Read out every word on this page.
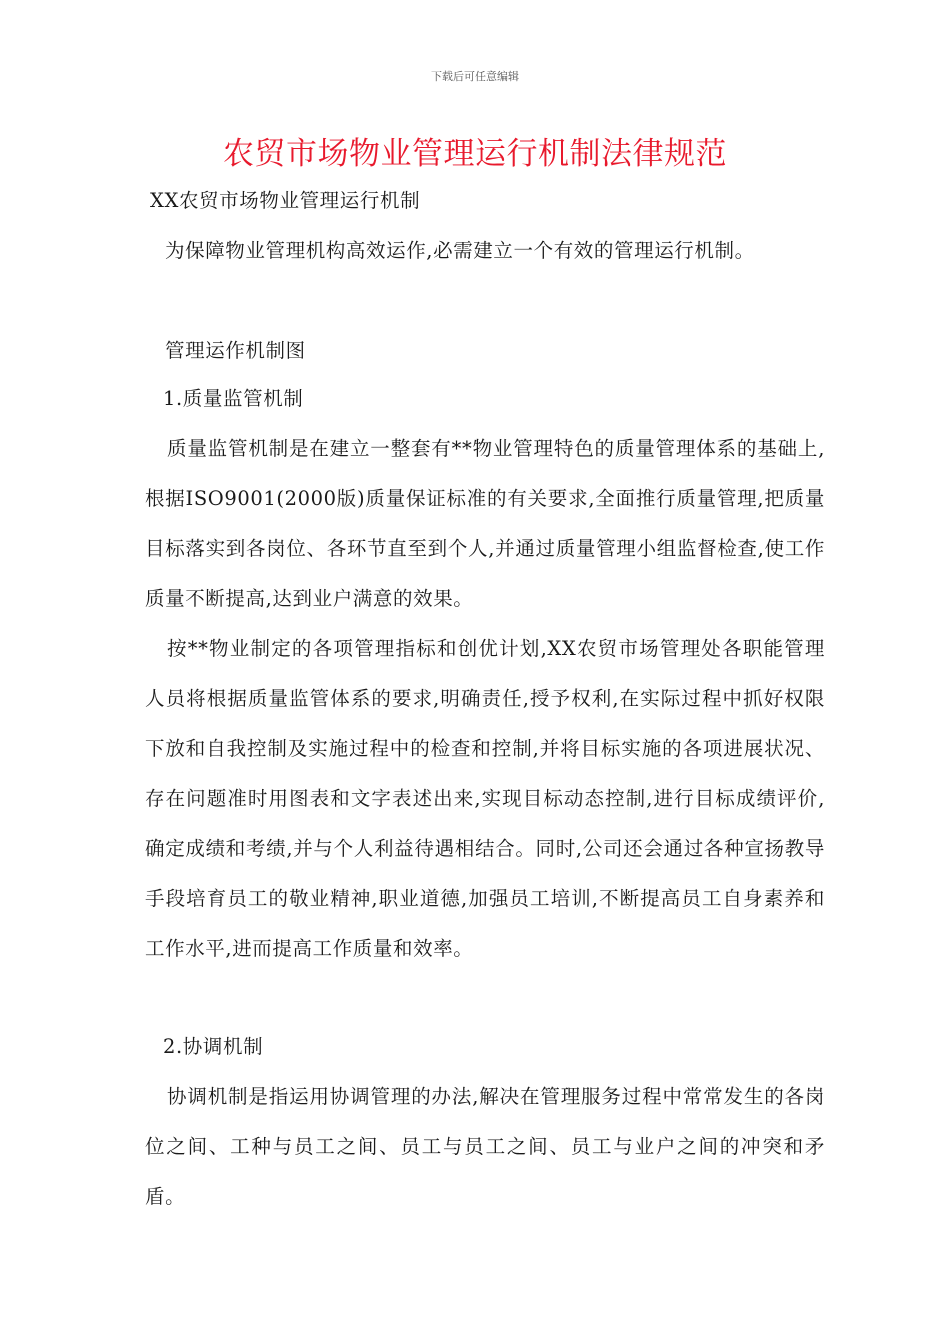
下载后可任意编辑
农贸市场物业管理运行机制法律规范
XX农贸市场物业管理运行机制
为保障物业管理机构高效运作,必需建立一个有效的管理运行机制。
管理运作机制图
1.质量监管机制
质量监管机制是在建立一整套有**物业管理特色的质量管理体系的基础上,根据ISO9001(2000版)质量保证标准的有关要求,全面推行质量管理,把质量目标落实到各岗位、各环节直至到个人,并通过质量管理小组监督检查,使工作质量不断提高,达到业户满意的效果。
按**物业制定的各项管理指标和创优计划,XX农贸市场管理处各职能管理人员将根据质量监管体系的要求,明确责任,授予权利,在实际过程中抓好权限下放和自我控制及实施过程中的检查和控制,并将目标实施的各项进展状况、存在问题准时用图表和文字表述出来,实现目标动态控制,进行目标成绩评价,确定成绩和考绩,并与个人利益待遇相结合。同时,公司还会通过各种宣扬教导手段培育员工的敬业精神,职业道德,加强员工培训,不断提高员工自身素养和工作水平,进而提高工作质量和效率。
2.协调机制
协调机制是指运用协调管理的办法,解决在管理服务过程中常常发生的各岗位之间、工种与员工之间、员工与员工之间、员工与业户之间的冲突和矛盾。
